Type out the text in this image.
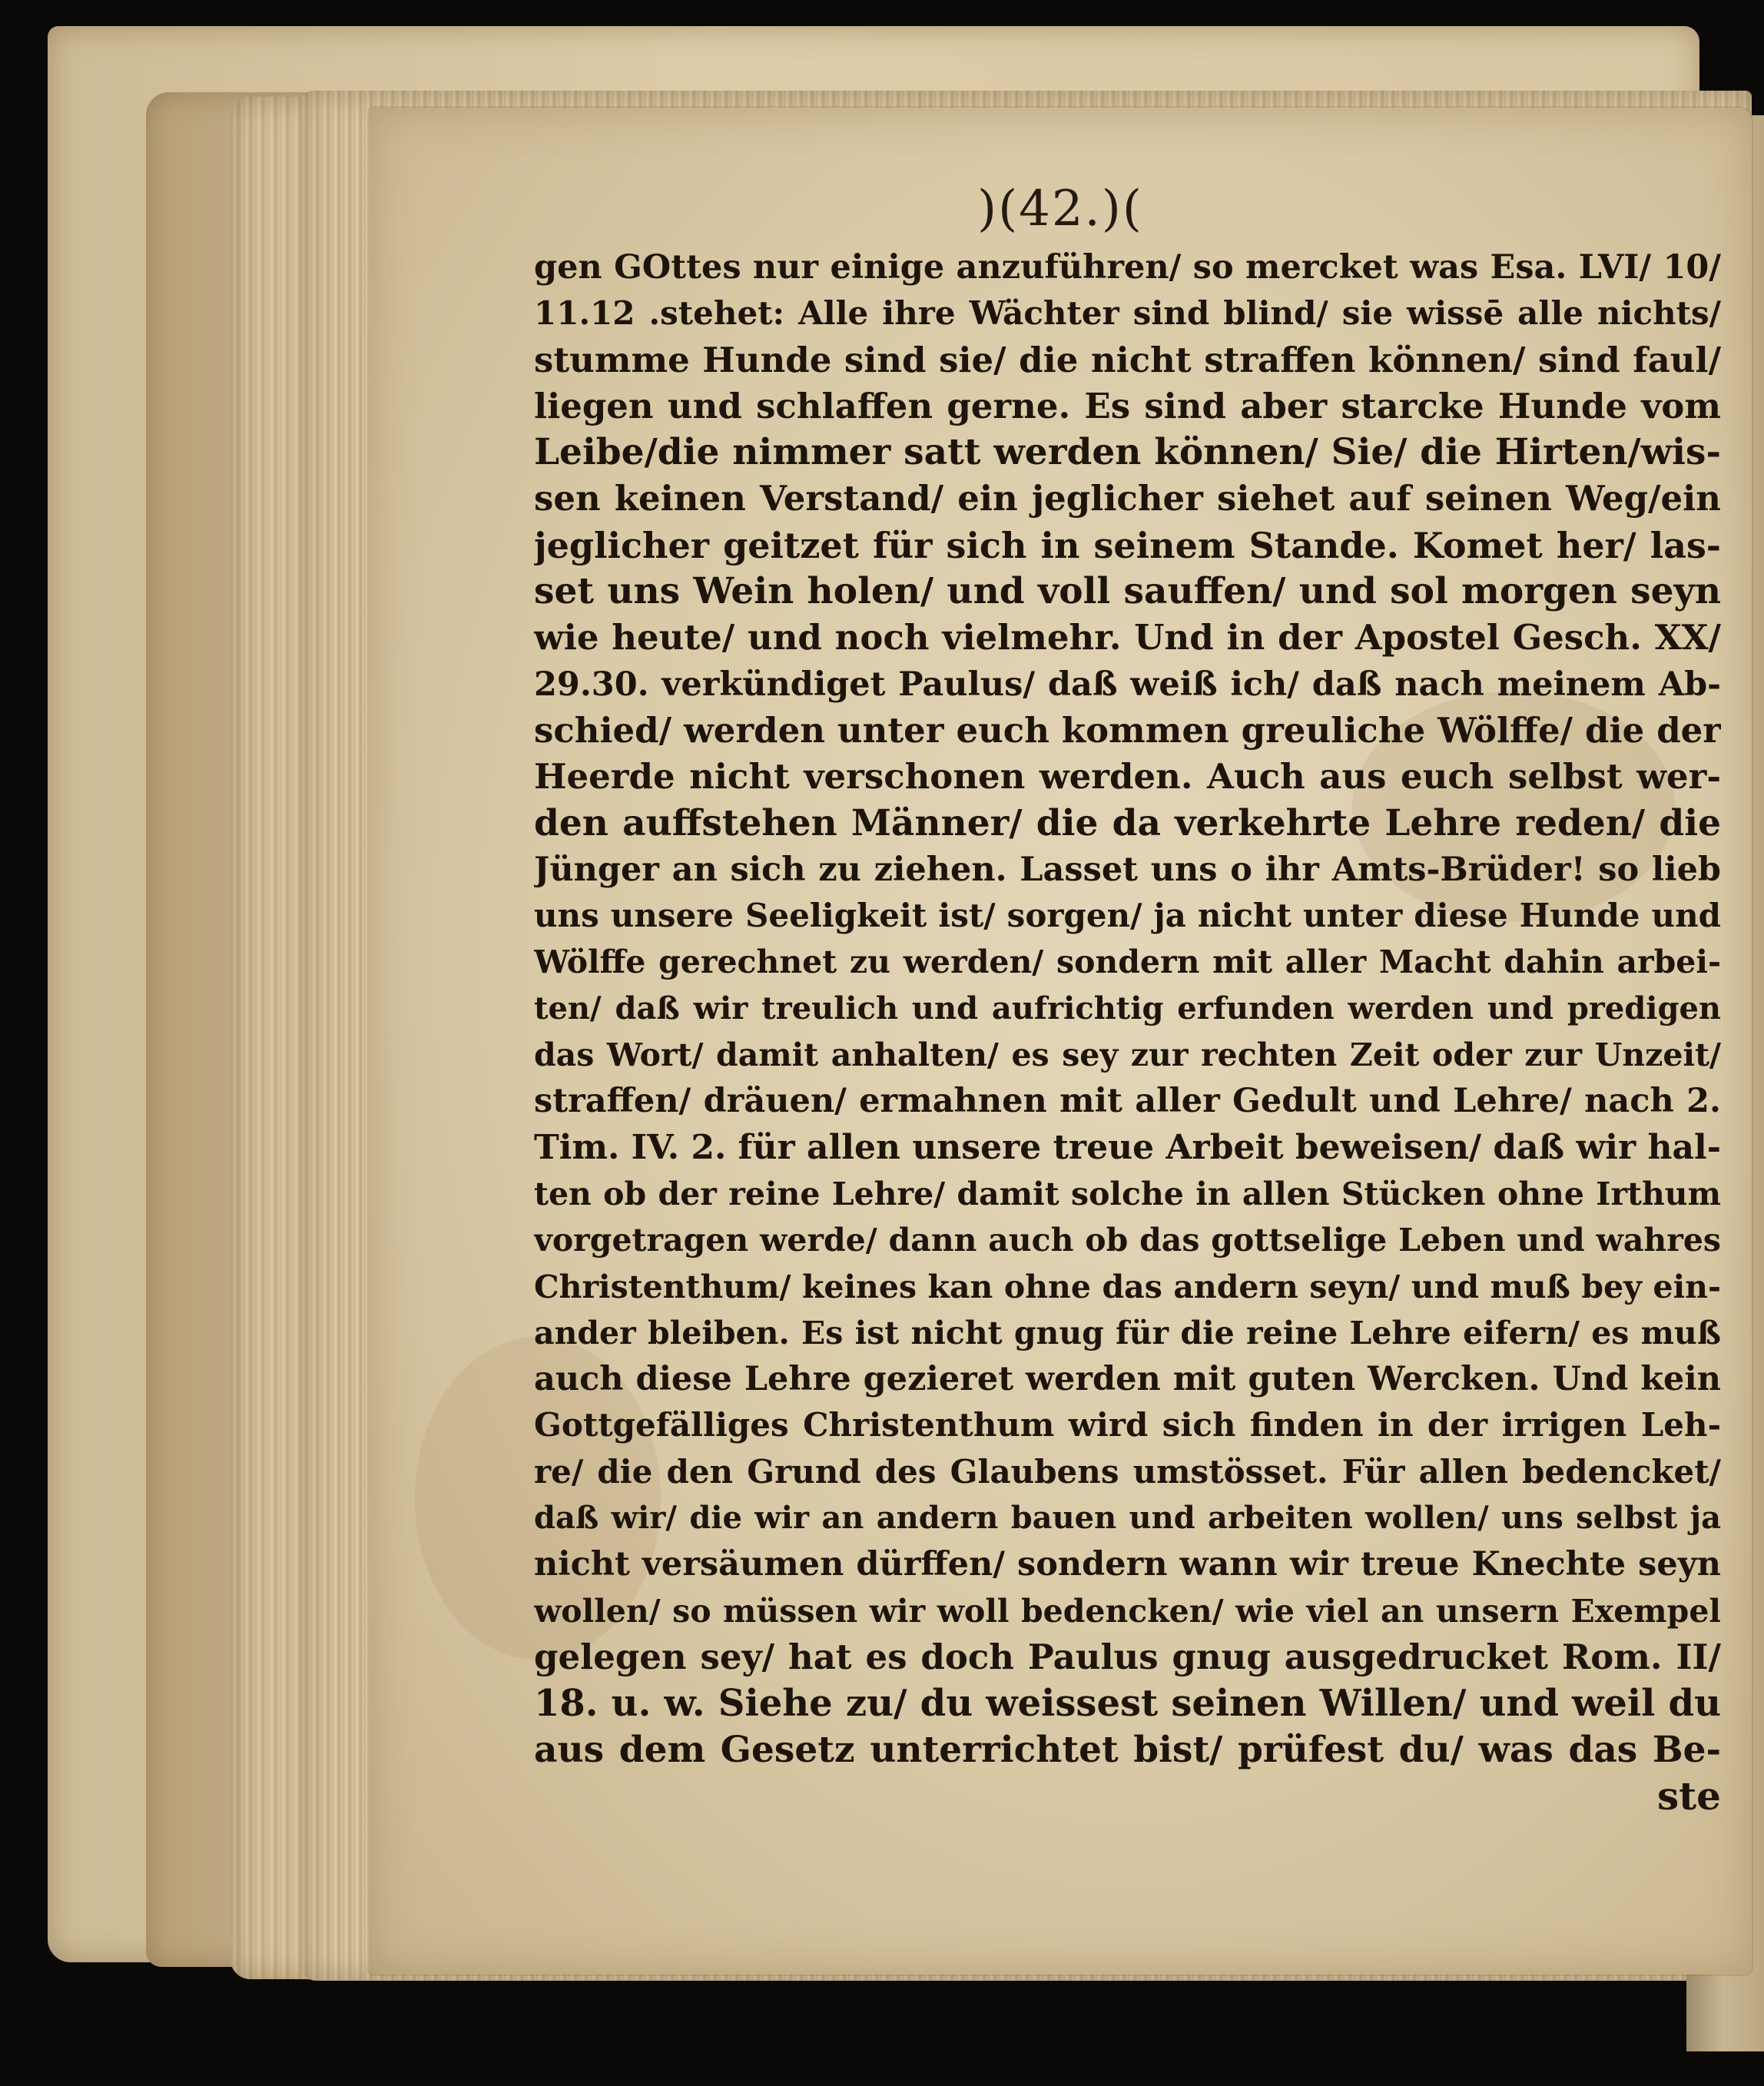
)(42.)(
gen GOttes nur einige anzuführen/ so mercket was Esa. LVI/ 10/
11.12 .stehet: Alle ihre Wächter sind blind/ sie wissē alle nichts/
stumme Hunde sind sie/ die nicht straffen können/ sind faul/
liegen und schlaffen gerne. Es sind aber starcke Hunde vom
Leibe/die nimmer satt werden können/ Sie/ die Hirten/wis-
sen keinen Verstand/ ein jeglicher siehet auf seinen Weg/ein
jeglicher geitzet für sich in seinem Stande. Komet her/ las-
set uns Wein holen/ und voll sauffen/ und sol morgen seyn
wie heute/ und noch vielmehr. Und in der Apostel Gesch. XX/
29.30. verkündiget Paulus/ daß weiß ich/ daß nach meinem Ab-
schied/ werden unter euch kommen greuliche Wölffe/ die der
Heerde nicht verschonen werden. Auch aus euch selbst wer-
den auffstehen Männer/ die da verkehrte Lehre reden/ die
Jünger an sich zu ziehen. Lasset uns o ihr Amts-Brüder! so lieb
uns unsere Seeligkeit ist/ sorgen/ ja nicht unter diese Hunde und
Wölffe gerechnet zu werden/ sondern mit aller Macht dahin arbei-
ten/ daß wir treulich und aufrichtig erfunden werden und predigen
das Wort/ damit anhalten/ es sey zur rechten Zeit oder zur Unzeit/
straffen/ dräuen/ ermahnen mit aller Gedult und Lehre/ nach 2.
Tim. IV. 2. für allen unsere treue Arbeit beweisen/ daß wir hal-
ten ob der reine Lehre/ damit solche in allen Stücken ohne Irthum
vorgetragen werde/ dann auch ob das gottselige Leben und wahres
Christenthum/ keines kan ohne das andern seyn/ und muß bey ein-
ander bleiben. Es ist nicht gnug für die reine Lehre eifern/ es muß
auch diese Lehre gezieret werden mit guten Wercken. Und kein
Gottgefälliges Christenthum wird sich finden in der irrigen Leh-
re/ die den Grund des Glaubens umstösset. Für allen bedencket/
daß wir/ die wir an andern bauen und arbeiten wollen/ uns selbst ja
nicht versäumen dürffen/ sondern wann wir treue Knechte seyn
wollen/ so müssen wir woll bedencken/ wie viel an unsern Exempel
gelegen sey/ hat es doch Paulus gnug ausgedrucket Rom. II/
18. u. w. Siehe zu/ du weissest seinen Willen/ und weil du
aus dem Gesetz unterrichtet bist/ prüfest du/ was das Be-
ste
